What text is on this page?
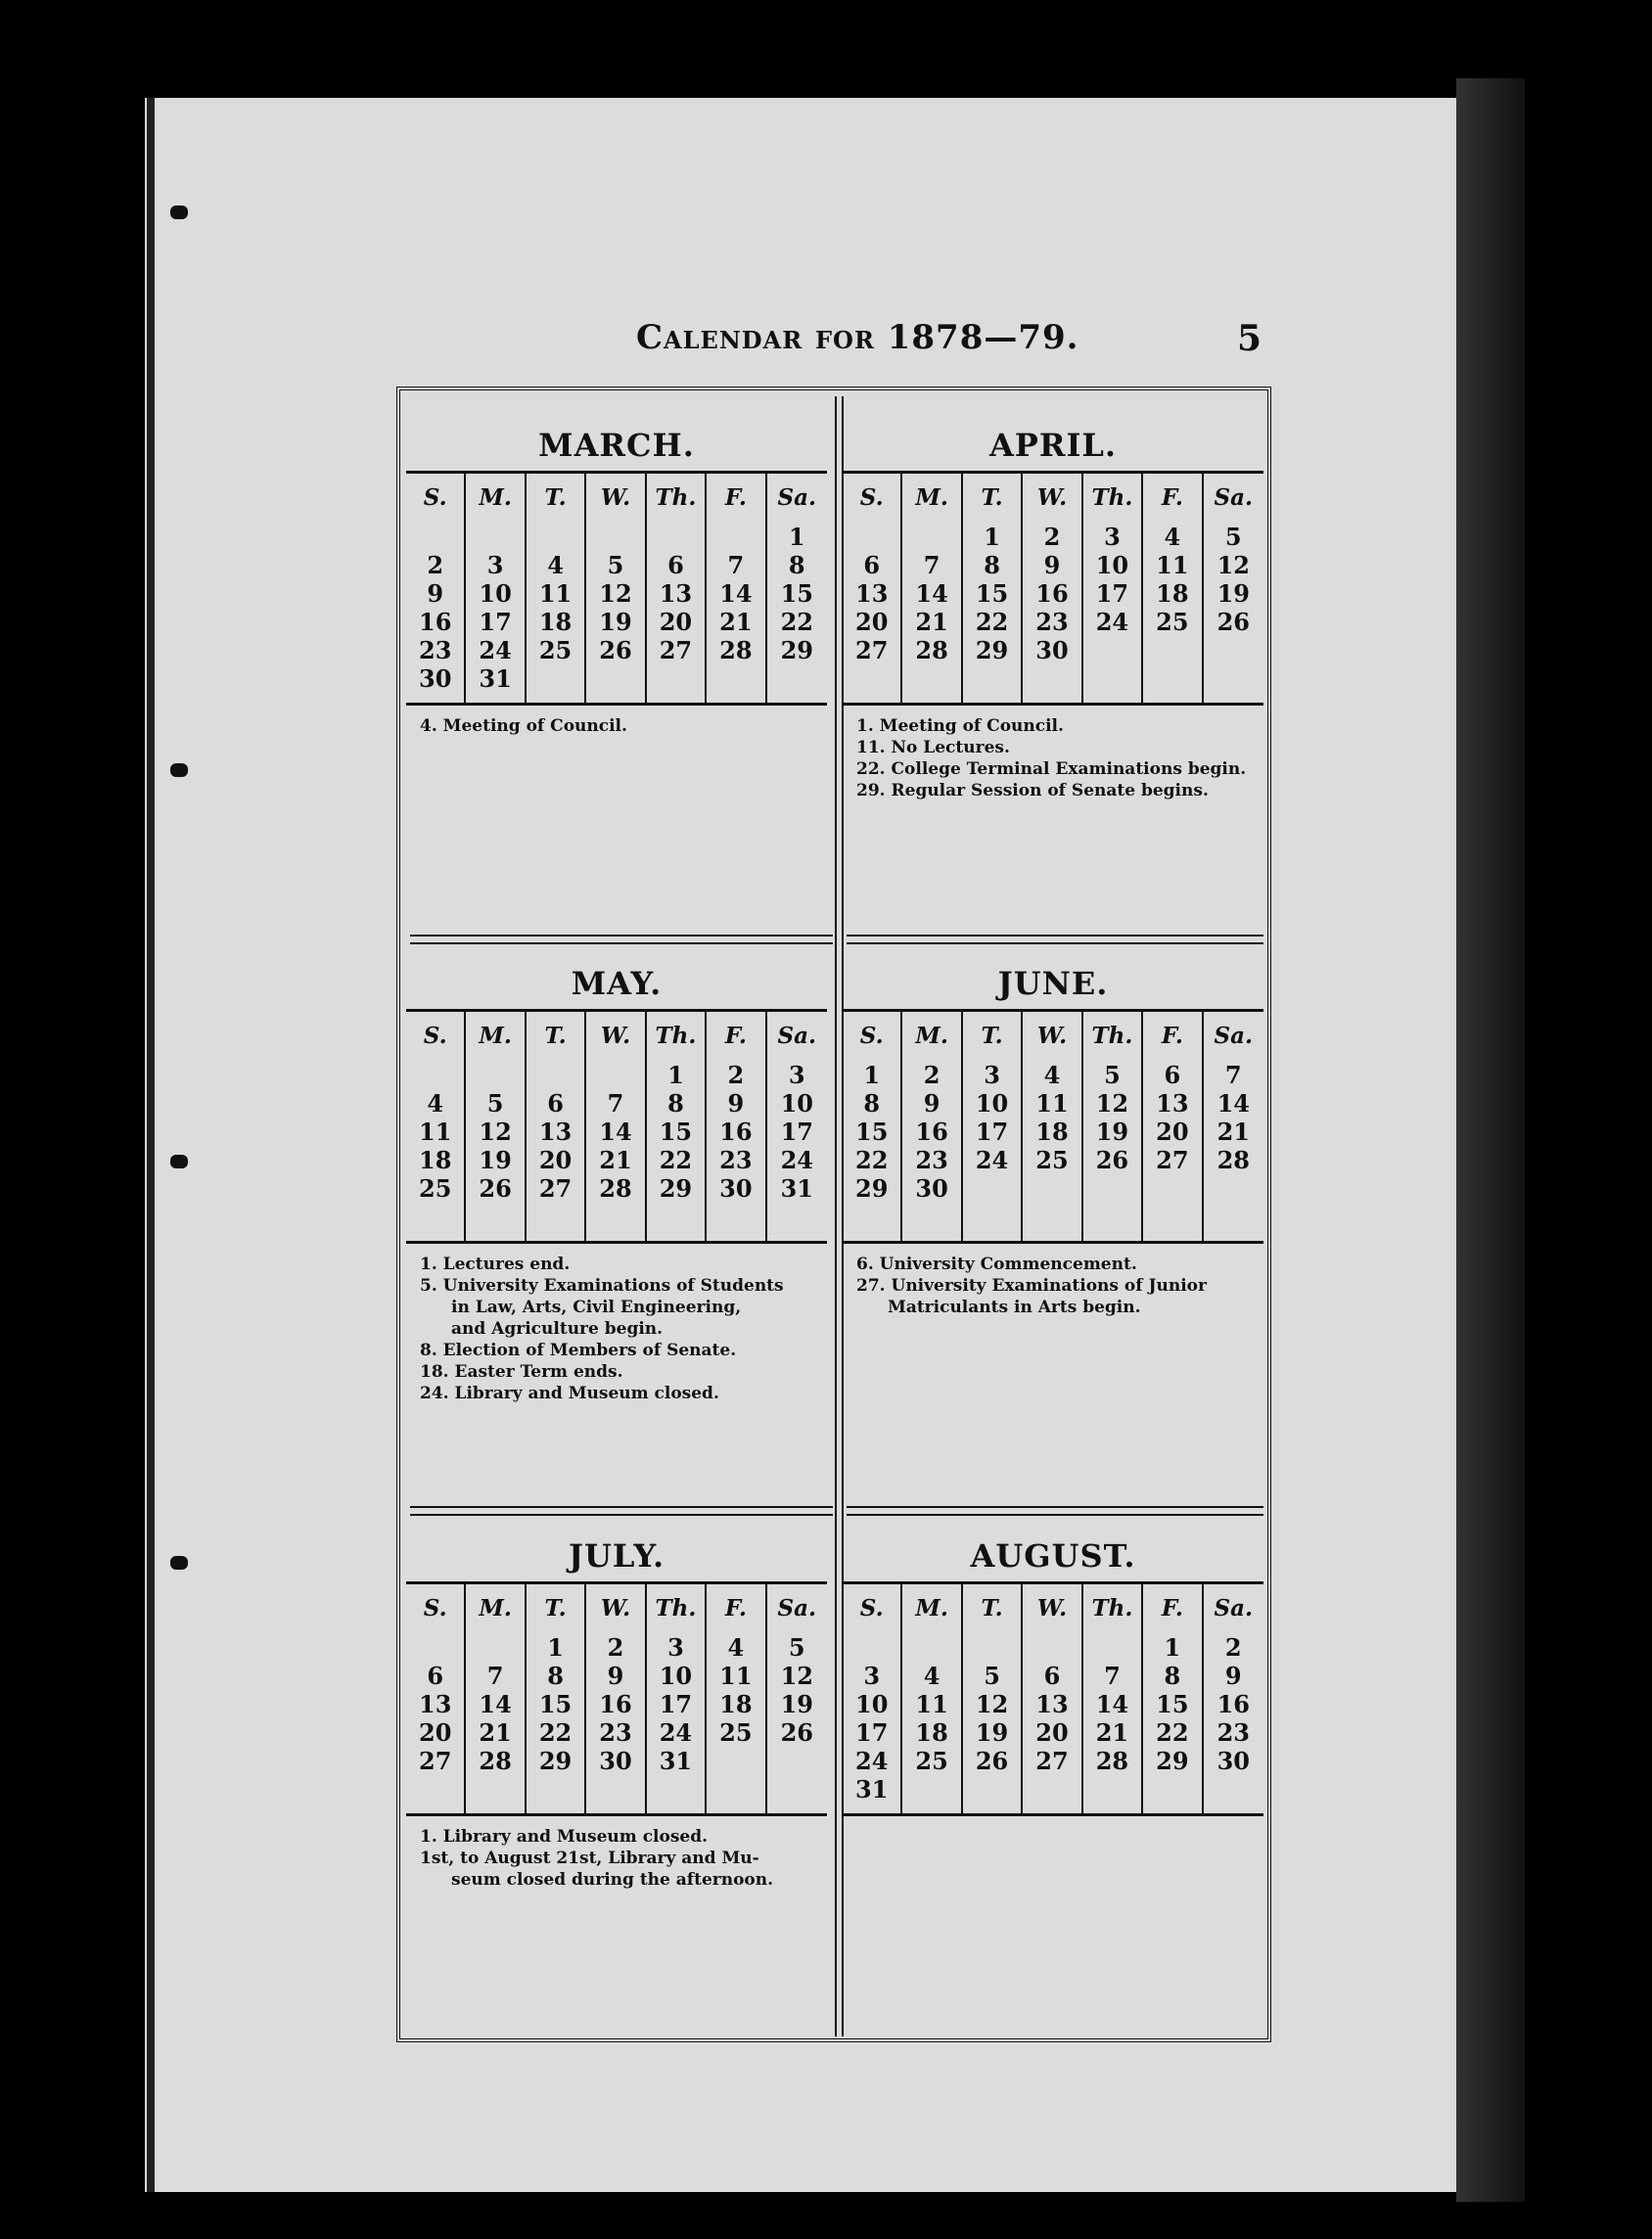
Calendar for 1878—79.	5
MARCH.
S.
2
9
16
23
30
M.
3
10
17
24
31
T.
4
11
18
25
W.
5
12
19
26
Th.
6
13
20
27
F.
7
14
21
28
Sa.
1
8
15
22
29
4. Meeting of Council.
APRIL.
S.
6
13
20
27
M.
7
14
21
28
T.
1
8
15
22
29
W.
2
9
16
23
30
Th.
3
10
17
24
F.
4
11
18
25
Sa.
5
12
19
26
1. Meeting of Council.
11. No Lectures.
22. College Terminal Examinations begin.
29. Regular Session of Senate begins.
MAY.
S.
4
11
18
25
M.
5
12
19
26
T.
6
13
20
27
W.
7
14
21
28
Th.
1
8
15
22
29
F.
2
9
16
23
30
Sa.
3
10
17
24
31
1. Lectures end.
5. University Examinations of Students
in Law, Arts, Civil Engineering,
and Agriculture begin.
8. Election of Members of Senate.
18. Easter Term ends.
24. Library and Museum closed.
JUNE.
S.
1
8
15
22
29
M.
2
9
16
23
30
T.
3
10
17
24
W.
4
11
18
25
Th.
5
12
19
26
F.
6
13
20
27
Sa.
7
14
21
28
6. University Commencement.
27. University Examinations of Junior
Matriculants in Arts begin.
JULY.
S.
6
13
20
27
M.
7
14
21
28
T.
1
8
15
22
29
W.
2
9
16
23
30
Th.
3
10
17
24
31
F.
4
11
18
25
Sa.
5
12
19
26
1. Library and Museum closed.
1st, to August 21st, Library and Mu-
seum closed during the afternoon.
AUGUST.
S.
3
10
17
24
31
M.
4
11
18
25
T.
5
12
19
26
W.
6
13
20
27
Th.
7
14
21
28
F.
1
8
15
22
29
Sa.
2
9
16
23
30
